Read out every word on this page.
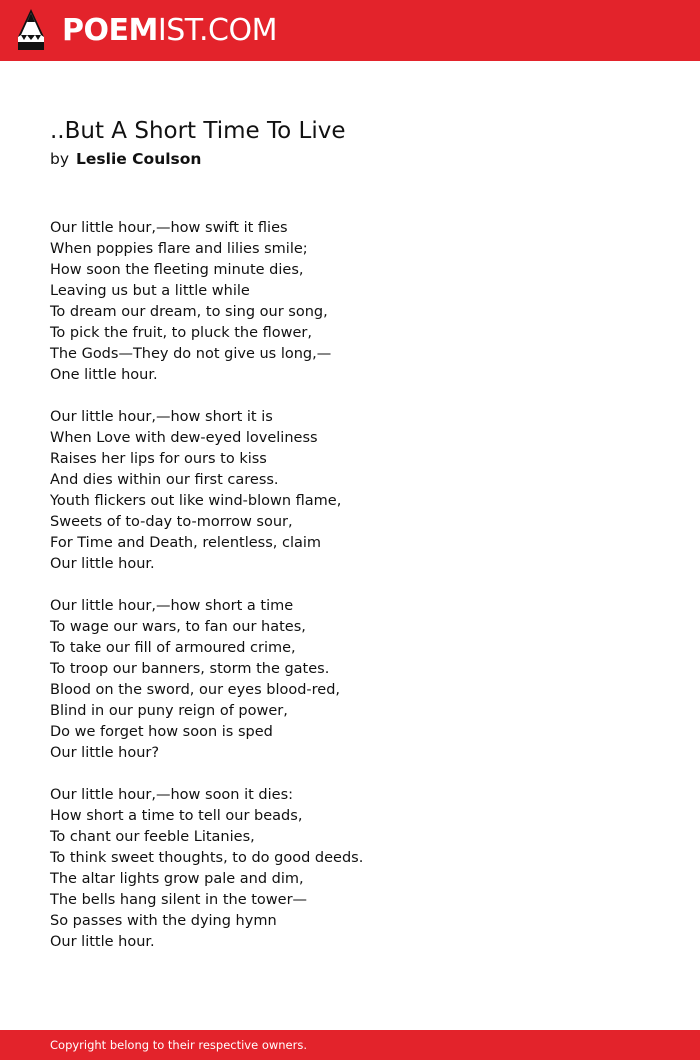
POEMIST.COM
..But A Short Time To Live
by Leslie Coulson
Our little hour,—how swift it flies
When poppies flare and lilies smile;
How soon the fleeting minute dies,
Leaving us but a little while
To dream our dream, to sing our song,
To pick the fruit, to pluck the flower,
The Gods—They do not give us long,—
One little hour.
Our little hour,—how short it is
When Love with dew-eyed loveliness
Raises her lips for ours to kiss
And dies within our first caress.
Youth flickers out like wind-blown flame,
Sweets of to-day to-morrow sour,
For Time and Death, relentless, claim
Our little hour.
Our little hour,—how short a time
To wage our wars, to fan our hates,
To take our fill of armoured crime,
To troop our banners, storm the gates.
Blood on the sword, our eyes blood-red,
Blind in our puny reign of power,
Do we forget how soon is sped
Our little hour?
Our little hour,—how soon it dies:
How short a time to tell our beads,
To chant our feeble Litanies,
To think sweet thoughts, to do good deeds.
The altar lights grow pale and dim,
The bells hang silent in the tower—
So passes with the dying hymn
Our little hour.
Copyright belong to their respective owners.
